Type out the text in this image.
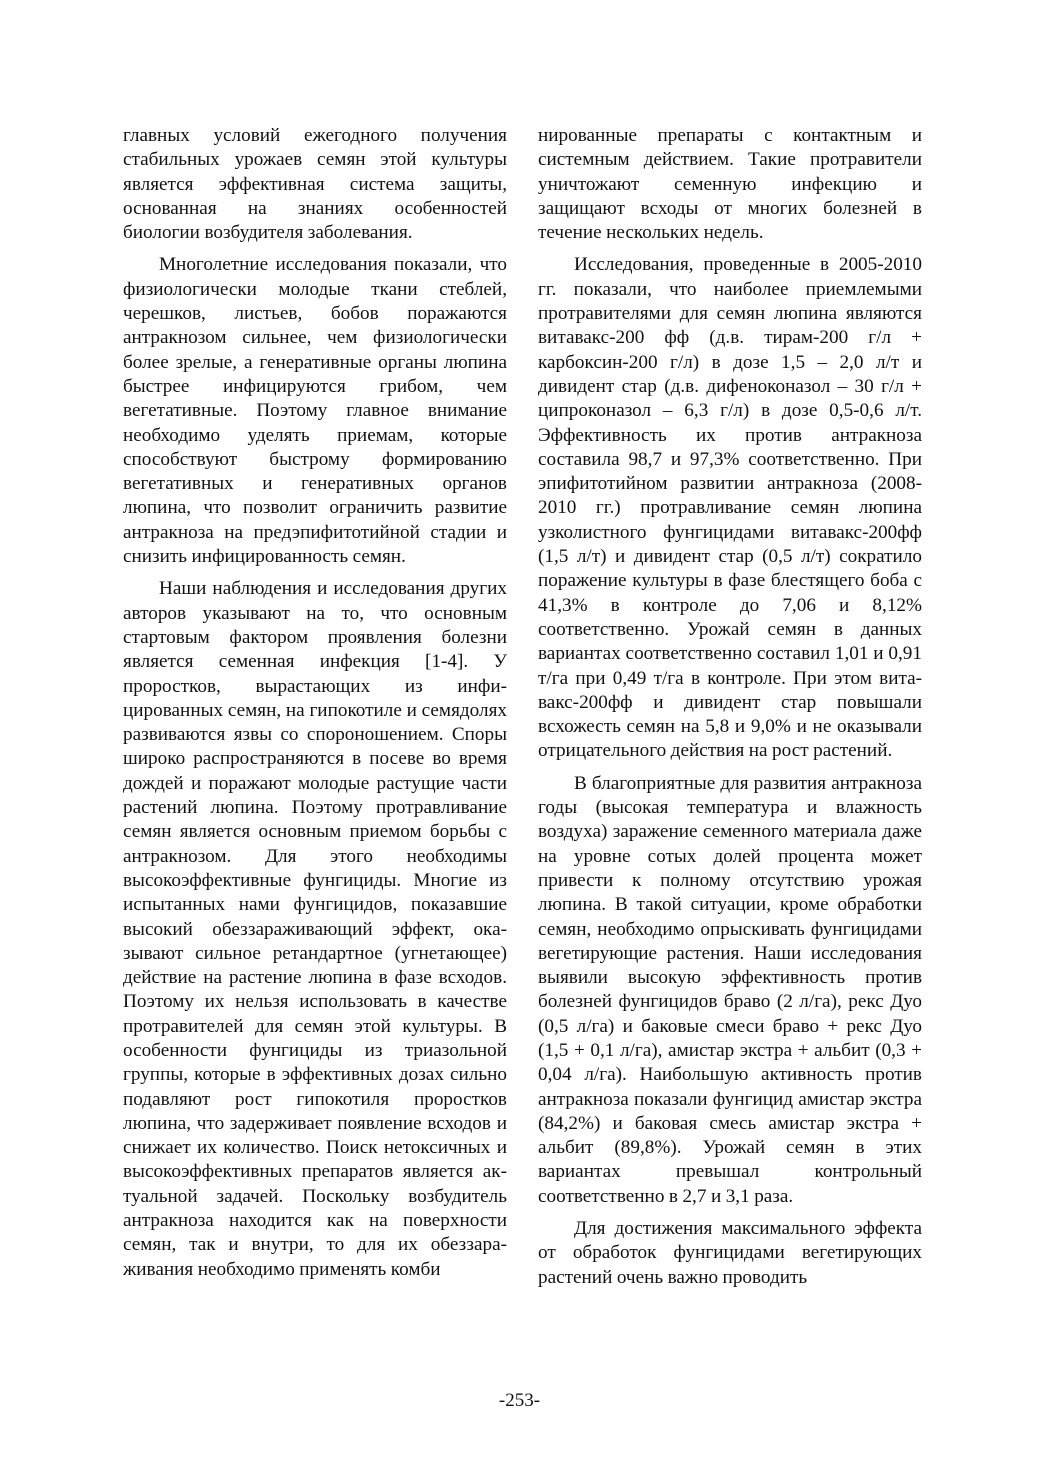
главных условий ежегодного получения стабильных урожаев семян этой культуры является эффективная система защиты, основанная на знаниях особенностей биологии возбудителя заболевания.

Многолетние исследования показали, что физиологически молодые ткани стеблей, черешков, листьев, бобов поражаются антракнозом сильнее, чем физиологически более зрелые, а генеративные органы люпина быстрее инфицируются грибом, чем вегетативные. Поэтому главное внимание необходимо уделять приемам, которые способствуют быстрому формированию вегетативных и генеративных органов люпина, что позволит ограничить развитие антракноза на предэпифитотийной стадии и снизить инфицированность семян.

Наши наблюдения и исследования других авторов указывают на то, что основным стартовым фактором проявления болезни является семенная инфекция [1-4]. У проростков, вырастающих из инфицированных семян, на гипокотиле и семядолях развиваются язвы со спороношением. Споры широко распространяются в посеве во время дождей и поражают молодые растущие части растений люпина. Поэтому протравливание семян является основным приемом борьбы с антракнозом. Для этого необходимы высокоэффективные фунгициды. Многие из испытанных нами фунгицидов, показавшие высокий обеззараживающий эффект, оказывают сильное ретандартное (угнетающее) действие на растение люпина в фазе всходов. Поэтому их нельзя использовать в качестве протравителей для семян этой культуры. В особенности фунгициды из триазольной группы, которые в эффективных дозах сильно подавляют рост гипокотиля проростков люпина, что задерживает появление всходов и снижает их количество. Поиск нетоксичных и высокоэффективных препаратов является актуальной задачей. Поскольку возбудитель антракноза находится как на поверхности семян, так и внутри, то для их обеззараживания необходимо применять комби

нированные препараты с контактным и системным действием. Такие протравители уничтожают семенную инфекцию и защищают всходы от многих болезней в течение нескольких недель.

Исследования, проведенные в 2005-2010 гг. показали, что наиболее приемлемыми протравителями для семян люпина являются витавакс-200 фф (д.в. тирам-200 г/л + карбоксин-200 г/л) в дозе 1,5 – 2,0 л/т и дивидент стар (д.в. дифеноконазол – 30 г/л + ципроконазол – 6,3 г/л) в дозе 0,5-0,6 л/т. Эффективность их против антракноза составила 98,7 и 97,3% соответственно. При эпифитотийном развитии антракноза (2008-2010 гг.) протравливание семян люпина узколистного фунгицидами витавакс-200фф (1,5 л/т) и дивидент стар (0,5 л/т) сократило поражение культуры в фазе блестящего боба с 41,3% в контроле до 7,06 и 8,12% соответственно. Урожай семян в данных вариантах соответственно составил 1,01 и 0,91 т/га при 0,49 т/га в контроле. При этом витавакс-200фф и дивидент стар повышали всхожесть семян на 5,8 и 9,0% и не оказывали отрицательного действия на рост растений.

В благоприятные для развития антракноза годы (высокая температура и влажность воздуха) заражение семенного материала даже на уровне сотых долей процента может привести к полному отсутствию урожая люпина. В такой ситуации, кроме обработки семян, необходимо опрыскивать фунгицидами вегетирующие растения. Наши исследования выявили высокую эффективность против болезней фунгицидов браво (2 л/га), рекс Дуо (0,5 л/га) и баковые смеси браво + рекс Дуо (1,5 + 0,1 л/га), амистар экстра + альбит (0,3 + 0,04 л/га). Наибольшую активность против антракноза показали фунгицид амистар экстра (84,2%) и баковая смесь амистар экстра + альбит (89,8%). Урожай семян в этих вариантах превышал контрольный соответственно в 2,7 и 3,1 раза.

Для достижения максимального эффекта от обработок фунгицидами вегетирующих растений очень важно проводить

-253-
